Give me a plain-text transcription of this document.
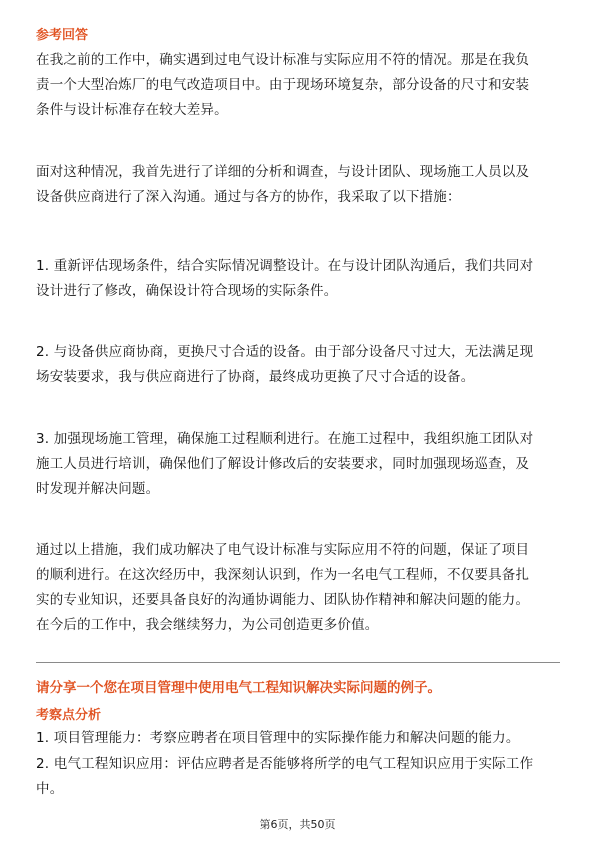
参考回答
在我之前的工作中，确实遇到过电气设计标准与实际应用不符的情况。那是在我负
责一个大型冶炼厂的电气改造项目中。由于现场环境复杂，部分设备的尺寸和安装
条件与设计标准存在较大差异。
面对这种情况，我首先进行了详细的分析和调查，与设计团队、现场施工人员以及
设备供应商进行了深入沟通。通过与各方的协作，我采取了以下措施：
1. 重新评估现场条件，结合实际情况调整设计。在与设计团队沟通后，我们共同对
设计进行了修改，确保设计符合现场的实际条件。
2. 与设备供应商协商，更换尺寸合适的设备。由于部分设备尺寸过大，无法满足现
场安装要求，我与供应商进行了协商，最终成功更换了尺寸合适的设备。
3. 加强现场施工管理，确保施工过程顺利进行。在施工过程中，我组织施工团队对
施工人员进行培训，确保他们了解设计修改后的安装要求，同时加强现场巡查，及
时发现并解决问题。
通过以上措施，我们成功解决了电气设计标准与实际应用不符的问题，保证了项目
的顺利进行。在这次经历中，我深刻认识到，作为一名电气工程师，不仅要具备扎
实的专业知识，还要具备良好的沟通协调能力、团队协作精神和解决问题的能力。
在今后的工作中，我会继续努力，为公司创造更多价值。
请分享一个您在项目管理中使用电气工程知识解决实际问题的例子。
考察点分析
1. 项目管理能力：考察应聘者在项目管理中的实际操作能力和解决问题的能力。
2. 电气工程知识应用：评估应聘者是否能够将所学的电气工程知识应用于实际工作
中。
第6页，共50页
